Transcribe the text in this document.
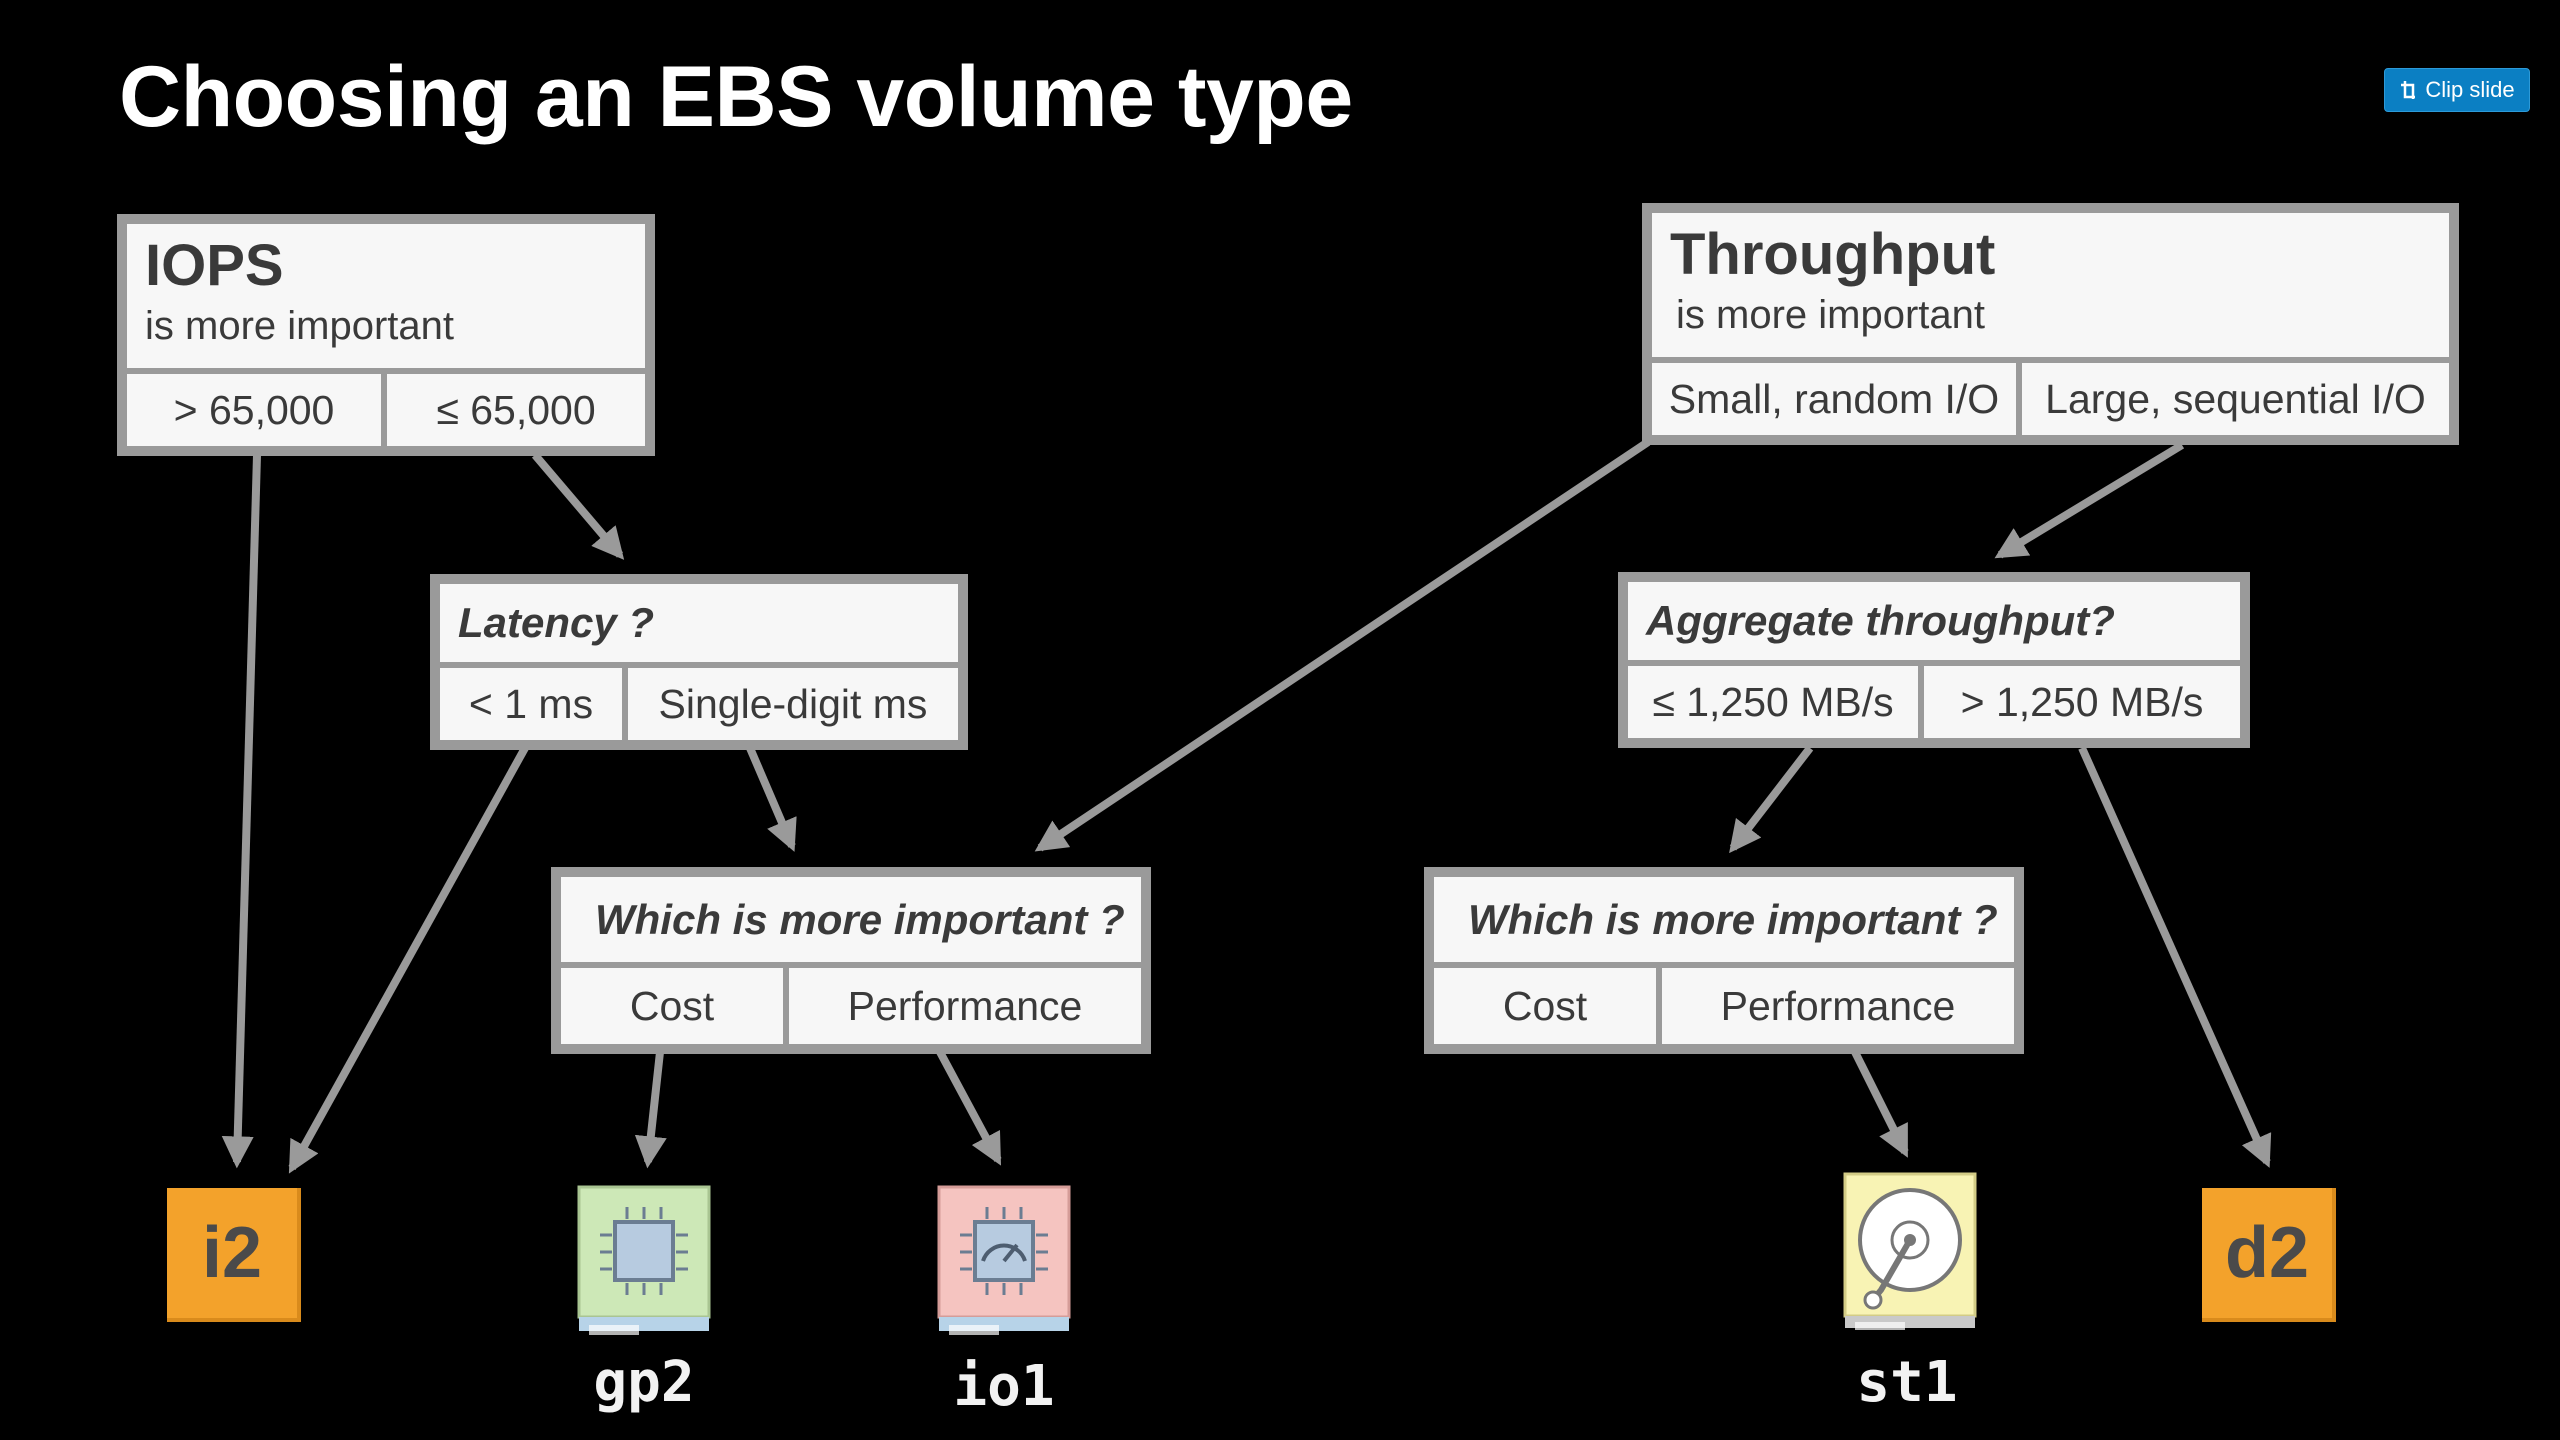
Choosing an EBS volume type	Clip slide
IOPS
is more important
> 65,000	≤ 65,000
Throughput
is more important
Small, random I/O	Large, sequential I/O
Latency ?
< 1 ms	Single-digit ms
Aggregate throughput?
≤ 1,250 MB/s	> 1,250 MB/s
Which is more important ?
Cost	Performance
Which is more important ?
Cost	Performance
i2	d2
gp2	io1	st1
